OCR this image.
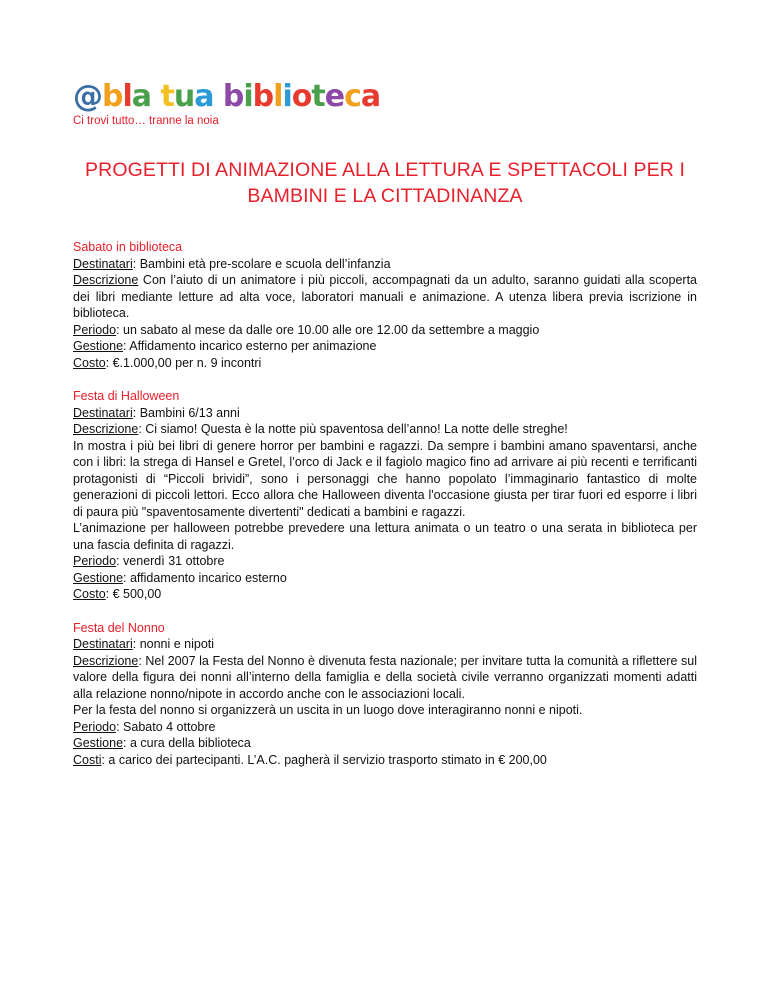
@bla tua biblioteca
Ci trovi tutto… tranne la noia
PROGETTI DI ANIMAZIONE ALLA LETTURA E SPETTACOLI PER I BAMBINI E LA CITTADINANZA
Sabato in biblioteca
Destinatari: Bambini età pre-scolare e scuola dell’infanzia
Descrizione Con l’aiuto di un animatore i più piccoli, accompagnati da un adulto, saranno guidati alla scoperta dei libri mediante letture ad alta voce, laboratori manuali e animazione. A utenza libera previa iscrizione in biblioteca.
Periodo: un sabato al mese da dalle ore 10.00 alle ore 12.00 da settembre a maggio
Gestione: Affidamento incarico esterno per animazione
Costo: €.1.000,00 per n. 9 incontri
Festa di Halloween
Destinatari: Bambini 6/13 anni
Descrizione: Ci siamo! Questa è la notte più spaventosa dell’anno! La notte delle streghe!
In mostra i più bei libri di genere horror per bambini e ragazzi. Da sempre i bambini amano spaventarsi, anche con i libri: la strega di Hansel e Gretel, l’orco di Jack e il fagiolo magico fino ad arrivare ai più recenti e terrificanti protagonisti di “Piccoli brividi”, sono i personaggi che hanno popolato l’immaginario fantastico di molte generazioni di piccoli lettori. Ecco allora che Halloween diventa l'occasione giusta per tirar fuori ed esporre i libri di paura più "spaventosamente divertenti" dedicati a bambini e ragazzi.
L’animazione per halloween potrebbe prevedere una lettura animata o un teatro o una serata in biblioteca per una fascia definita di ragazzi.
Periodo: venerdì 31 ottobre
Gestione: affidamento incarico esterno
Costo: € 500,00
Festa del Nonno
Destinatari: nonni e nipoti
Descrizione: Nel 2007 la Festa del Nonno è divenuta festa nazionale; per invitare tutta la comunità a riflettere sul valore della figura dei nonni all’interno della famiglia e della società civile verranno organizzati momenti adatti alla relazione nonno/nipote in accordo anche con le associazioni locali.
Per la festa del nonno si organizzerà un uscita in un luogo dove interagiranno nonni e nipoti.
Periodo: Sabato 4 ottobre
Gestione: a cura della biblioteca
Costi: a carico dei partecipanti. L’A.C. pagherà il servizio trasporto stimato in € 200,00
